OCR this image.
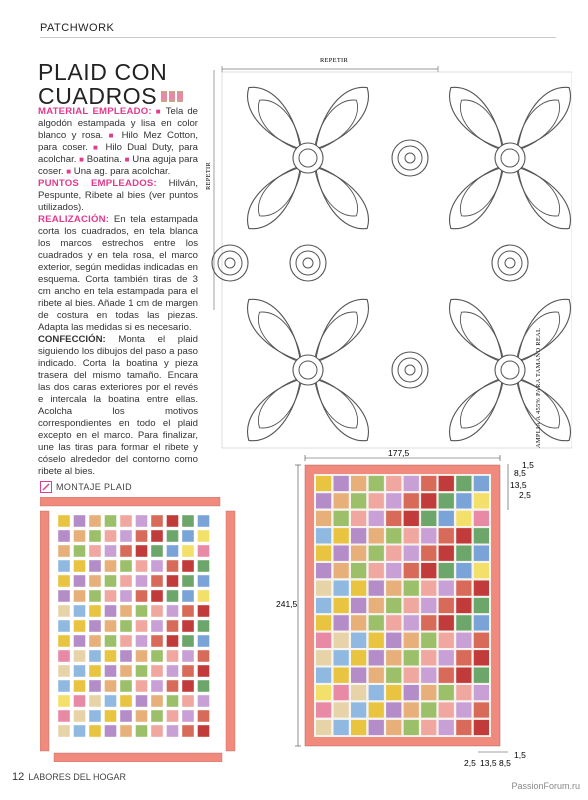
PATCHWORK
PLAID CON
CUADROS

MATERIAL EMPLEADO: ■ Tela de algodón estampada y lisa en color blanco y rosa. ■ Hilo Mez Cotton, para coser. ■ Hilo Dual Duty, para acolchar. ■ Boatina. ■ Una aguja para coser. ■ Una ag. para acolchar.

PUNTOS EMPLEADOS: Hilván, Pespunte, Ribete al bies (ver puntos utilizados).

REALIZACIÓN: En tela estampada corta los cuadrados, en tela blanca los marcos estrechos entre los cuadrados y en tela rosa, el marco exterior, según medidas indicadas en esquema. Corta también tiras de 3 cm ancho en tela estampada para el ribete al bies. Añade 1 cm de margen de costura en todas las piezas. Adapta las medidas si es necesario.

CONFECCIÓN: Monta el plaid siguiendo los dibujos del paso a paso indicado. Corta la boatina y pieza trasera del mismo tamaño. Encara las dos caras exteriores por el revés e intercala la boatina entre ellas. Acolcha los motivos correspondientes en todo el plaid excepto en el marco. Para finalizar, une las tiras para formar el ribete y cóselo alrededor del contorno como ribete al bies.

REPETIR
REPETIR
AMPLIA A 455% PARA TAMAÑO REAL
MONTAJE PLAID
177,5
241,5
1,5
8,5
13,5
2,5
2,5 13,5 8,5
1,5
12 LABORES DEL HOGAR
PassionForum.ru
